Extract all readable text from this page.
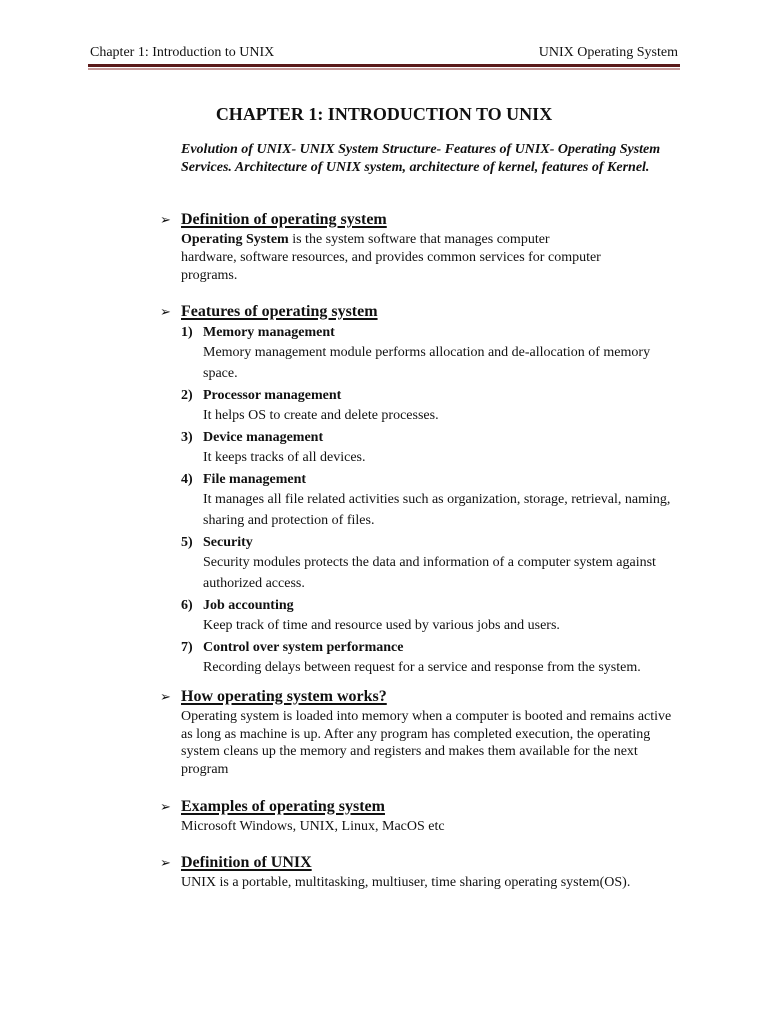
Chapter 1: Introduction to UNIX	UNIX Operating System
CHAPTER 1: INTRODUCTION TO UNIX
Evolution of UNIX- UNIX System Structure- Features of UNIX- Operating System Services. Architecture of UNIX system, architecture of kernel, features of Kernel.
➢ Definition of operating system
Operating System is the system software that manages computer
hardware, software resources, and provides common services for computer programs.
➢ Features of operating system
1) Memory management
Memory management module performs allocation and de-allocation of memory space.
2) Processor management
It helps OS to create and delete processes.
3) Device management
It keeps tracks of all devices.
4) File management
It manages all file related activities such as organization, storage, retrieval, naming, sharing and protection of files.
5) Security
Security modules protects the data and information of a computer system against authorized access.
6) Job accounting
Keep track of time and resource used by various jobs and users.
7) Control over system performance
Recording delays between request for a service and response from the system.
➢ How operating system works?
Operating system is loaded into memory when a computer is booted and remains active as long as machine is up. After any program has completed execution, the operating system cleans up the memory and registers and makes them available for the next program
➢ Examples of operating system
Microsoft Windows, UNIX, Linux, MacOS etc
➢ Definition of UNIX
UNIX is a portable, multitasking, multiuser, time sharing operating system(OS).
